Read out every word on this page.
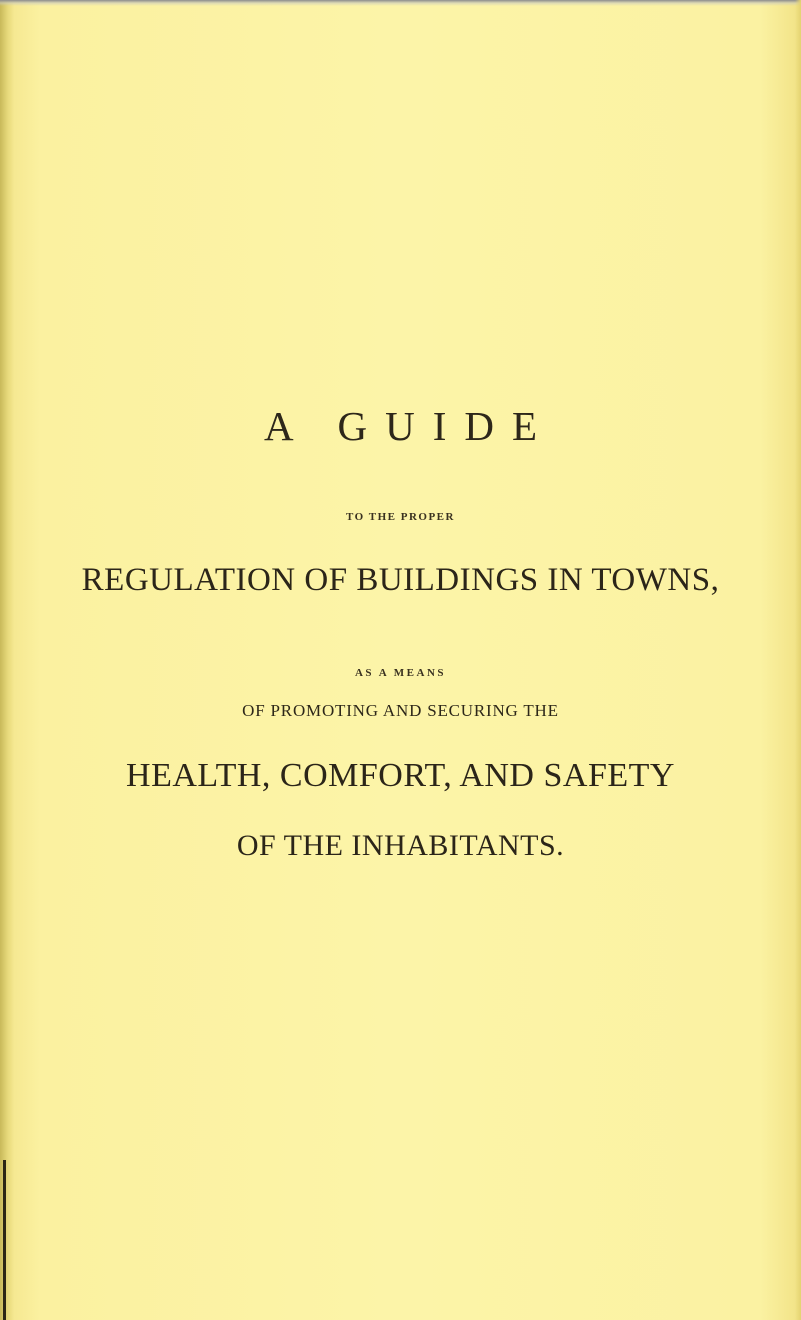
A GUIDE
TO THE PROPER
REGULATION OF BUILDINGS IN TOWNS,
AS A MEANS
OF PROMOTING AND SECURING THE
HEALTH, COMFORT, AND SAFETY
OF THE INHABITANTS.
